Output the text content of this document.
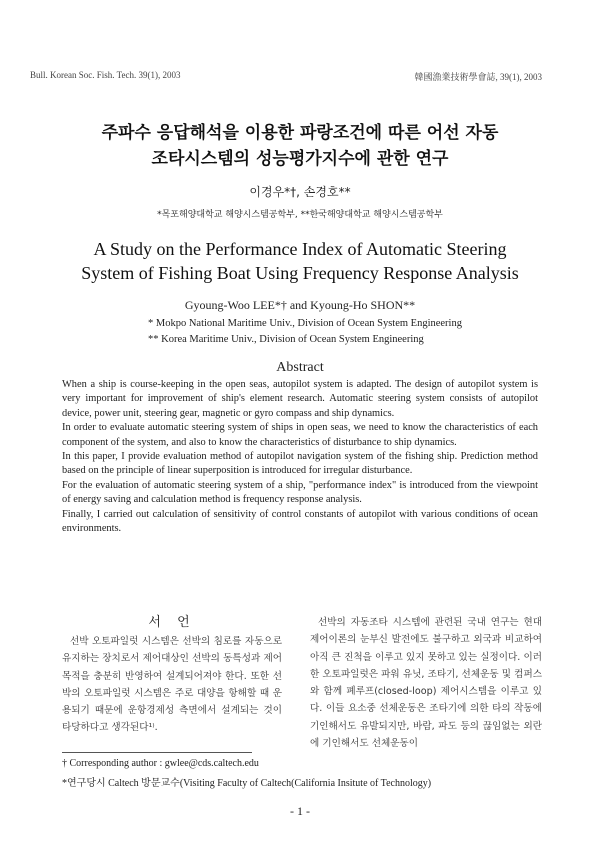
Bull. Korean Soc. Fish. Tech. 39(1), 2003	韓國漁業技術學會誌, 39(1), 2003
주파수 응답해석을 이용한 파랑조건에 따른 어선 자동
조타시스템의 성능평가지수에 관한 연구
이경우*†, 손경호**
*목포해양대학교 해양시스템공학부, **한국해양대학교 해양시스템공학부
A Study on the Performance Index of Automatic Steering
System of Fishing Boat Using Frequency Response Analysis
Gyoung-Woo LEE*† and Kyoung-Ho SHON**
* Mokpo National Maritime Univ., Division of Ocean System Engineering
** Korea Maritime Univ., Division of Ocean System Engineering
Abstract

When a ship is course-keeping in the open seas, autopilot system is adapted. The design of autopilot system is very important for improvement of ship's element research. Automatic steering system consists of autopilot device, power unit, steering gear, magnetic or gyro compass and ship dynamics.

In order to evaluate automatic steering system of ships in open seas, we need to know the characteristics of each component of the system, and also to know the characteristics of disturbance to ship dynamics.

In this paper, I provide evaluation method of autopilot navigation system of the fishing ship. Prediction method based on the principle of linear superposition is introduced for irregular disturbance.

For the evaluation of automatic steering system of a ship, "performance index" is introduced from the viewpoint of energy saving and calculation method is frequency response analysis.

Finally, I carried out calculation of sensitivity of control constants of autopilot with various conditions of ocean environments.

서 언
선박 오토파일럿 시스템은 선박의 침로를 자동으로 유지하는 장치로서 제어대상인 선박의 동특성과 제어목적을 충분히 반영하여 설계되어져야 한다. 또한 선박의 오토파일럿 시스템은 주로 대양을 항해할 때 운용되기 때문에 운항경제성 측면에서 설계되는 것이 타당하다고 생각된다¹⁾.
선박의 자동조타 시스템에 관련된 국내 연구는 현대 제어이론의 눈부신 발전에도 불구하고 외국과 비교하여 아직 큰 진척을 이루고 있지 못하고 있는 실정이다. 이러한 오토파일럿은 파워 유닛, 조타기, 선체운동 및 컴퍼스와 함께 폐루프(closed-loop) 제어시스템을 이루고 있다. 이들 요소중 선체운동은 조타기에 의한 타의 작동에 기인해서도 유발되지만, 바람, 파도 등의 끊임없는 외란에 기인해서도 선체운동이
† Corresponding author : gwlee@cds.caltech.edu
*연구당시 Caltech 방문교수(Visiting Faculty of Caltech(California Insitute of Technology)
- 1 -
